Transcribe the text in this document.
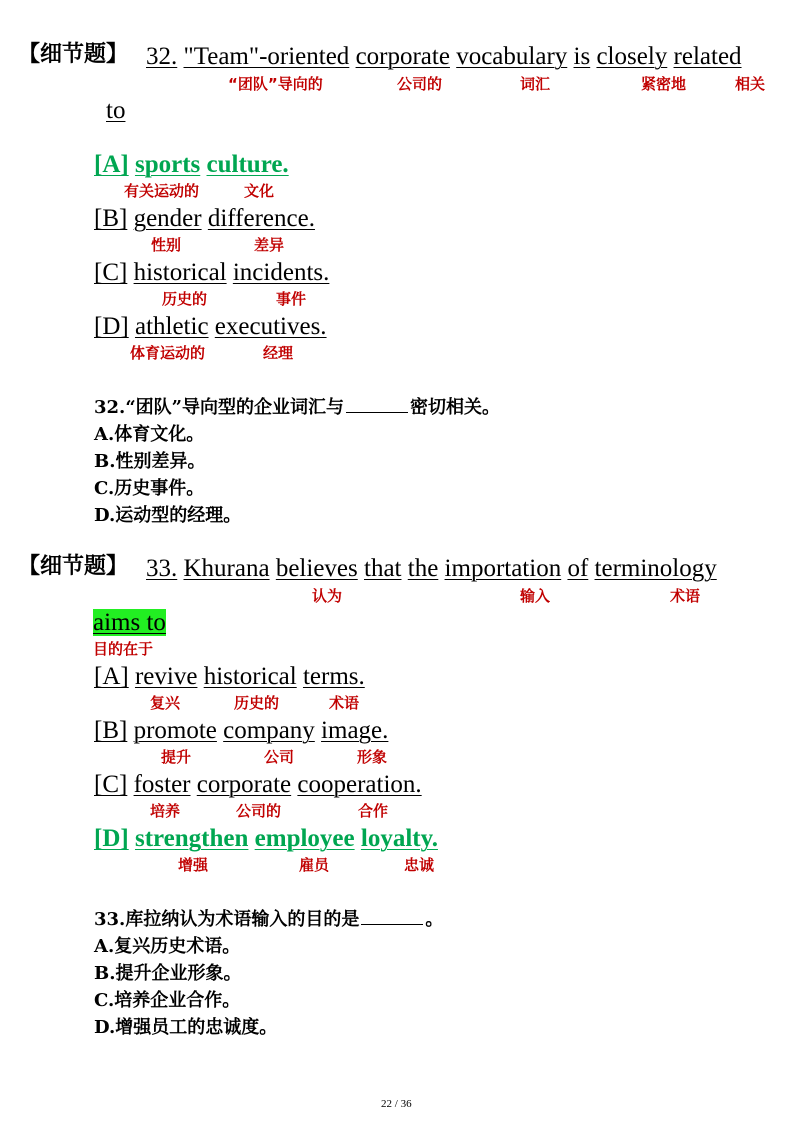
【细节题】 32. "Team"-oriented corporate vocabulary is closely related
“团队”导向的	公司的	词汇	紧密地	相关
to
[A] sports culture.
有关运动的	文化
[B] gender difference.
性别	差异
[C] historical incidents.
历史的	事件
[D] athletic executives.
体育运动的	经理
32.“团队”导向型的企业词汇与	密切相关。
A.体育文化。
B.性别差异。
C.历史事件。
D.运动型的经理。
【细节题】 33. Khurana believes that the importation of terminology
认为	输入	术语
aims to
目的在于
[A] revive historical terms.
复兴	历史的	术语
[B] promote company image.
提升	公司	形象
[C] foster corporate cooperation.
培养	公司的	合作
[D] strengthen employee loyalty.
增强	雇员	忠诚
33.库拉纳认为术语输入的目的是	。
A.复兴历史术语。
B.提升企业形象。
C.培养企业合作。
D.增强员工的忠诚度。
22 / 36
